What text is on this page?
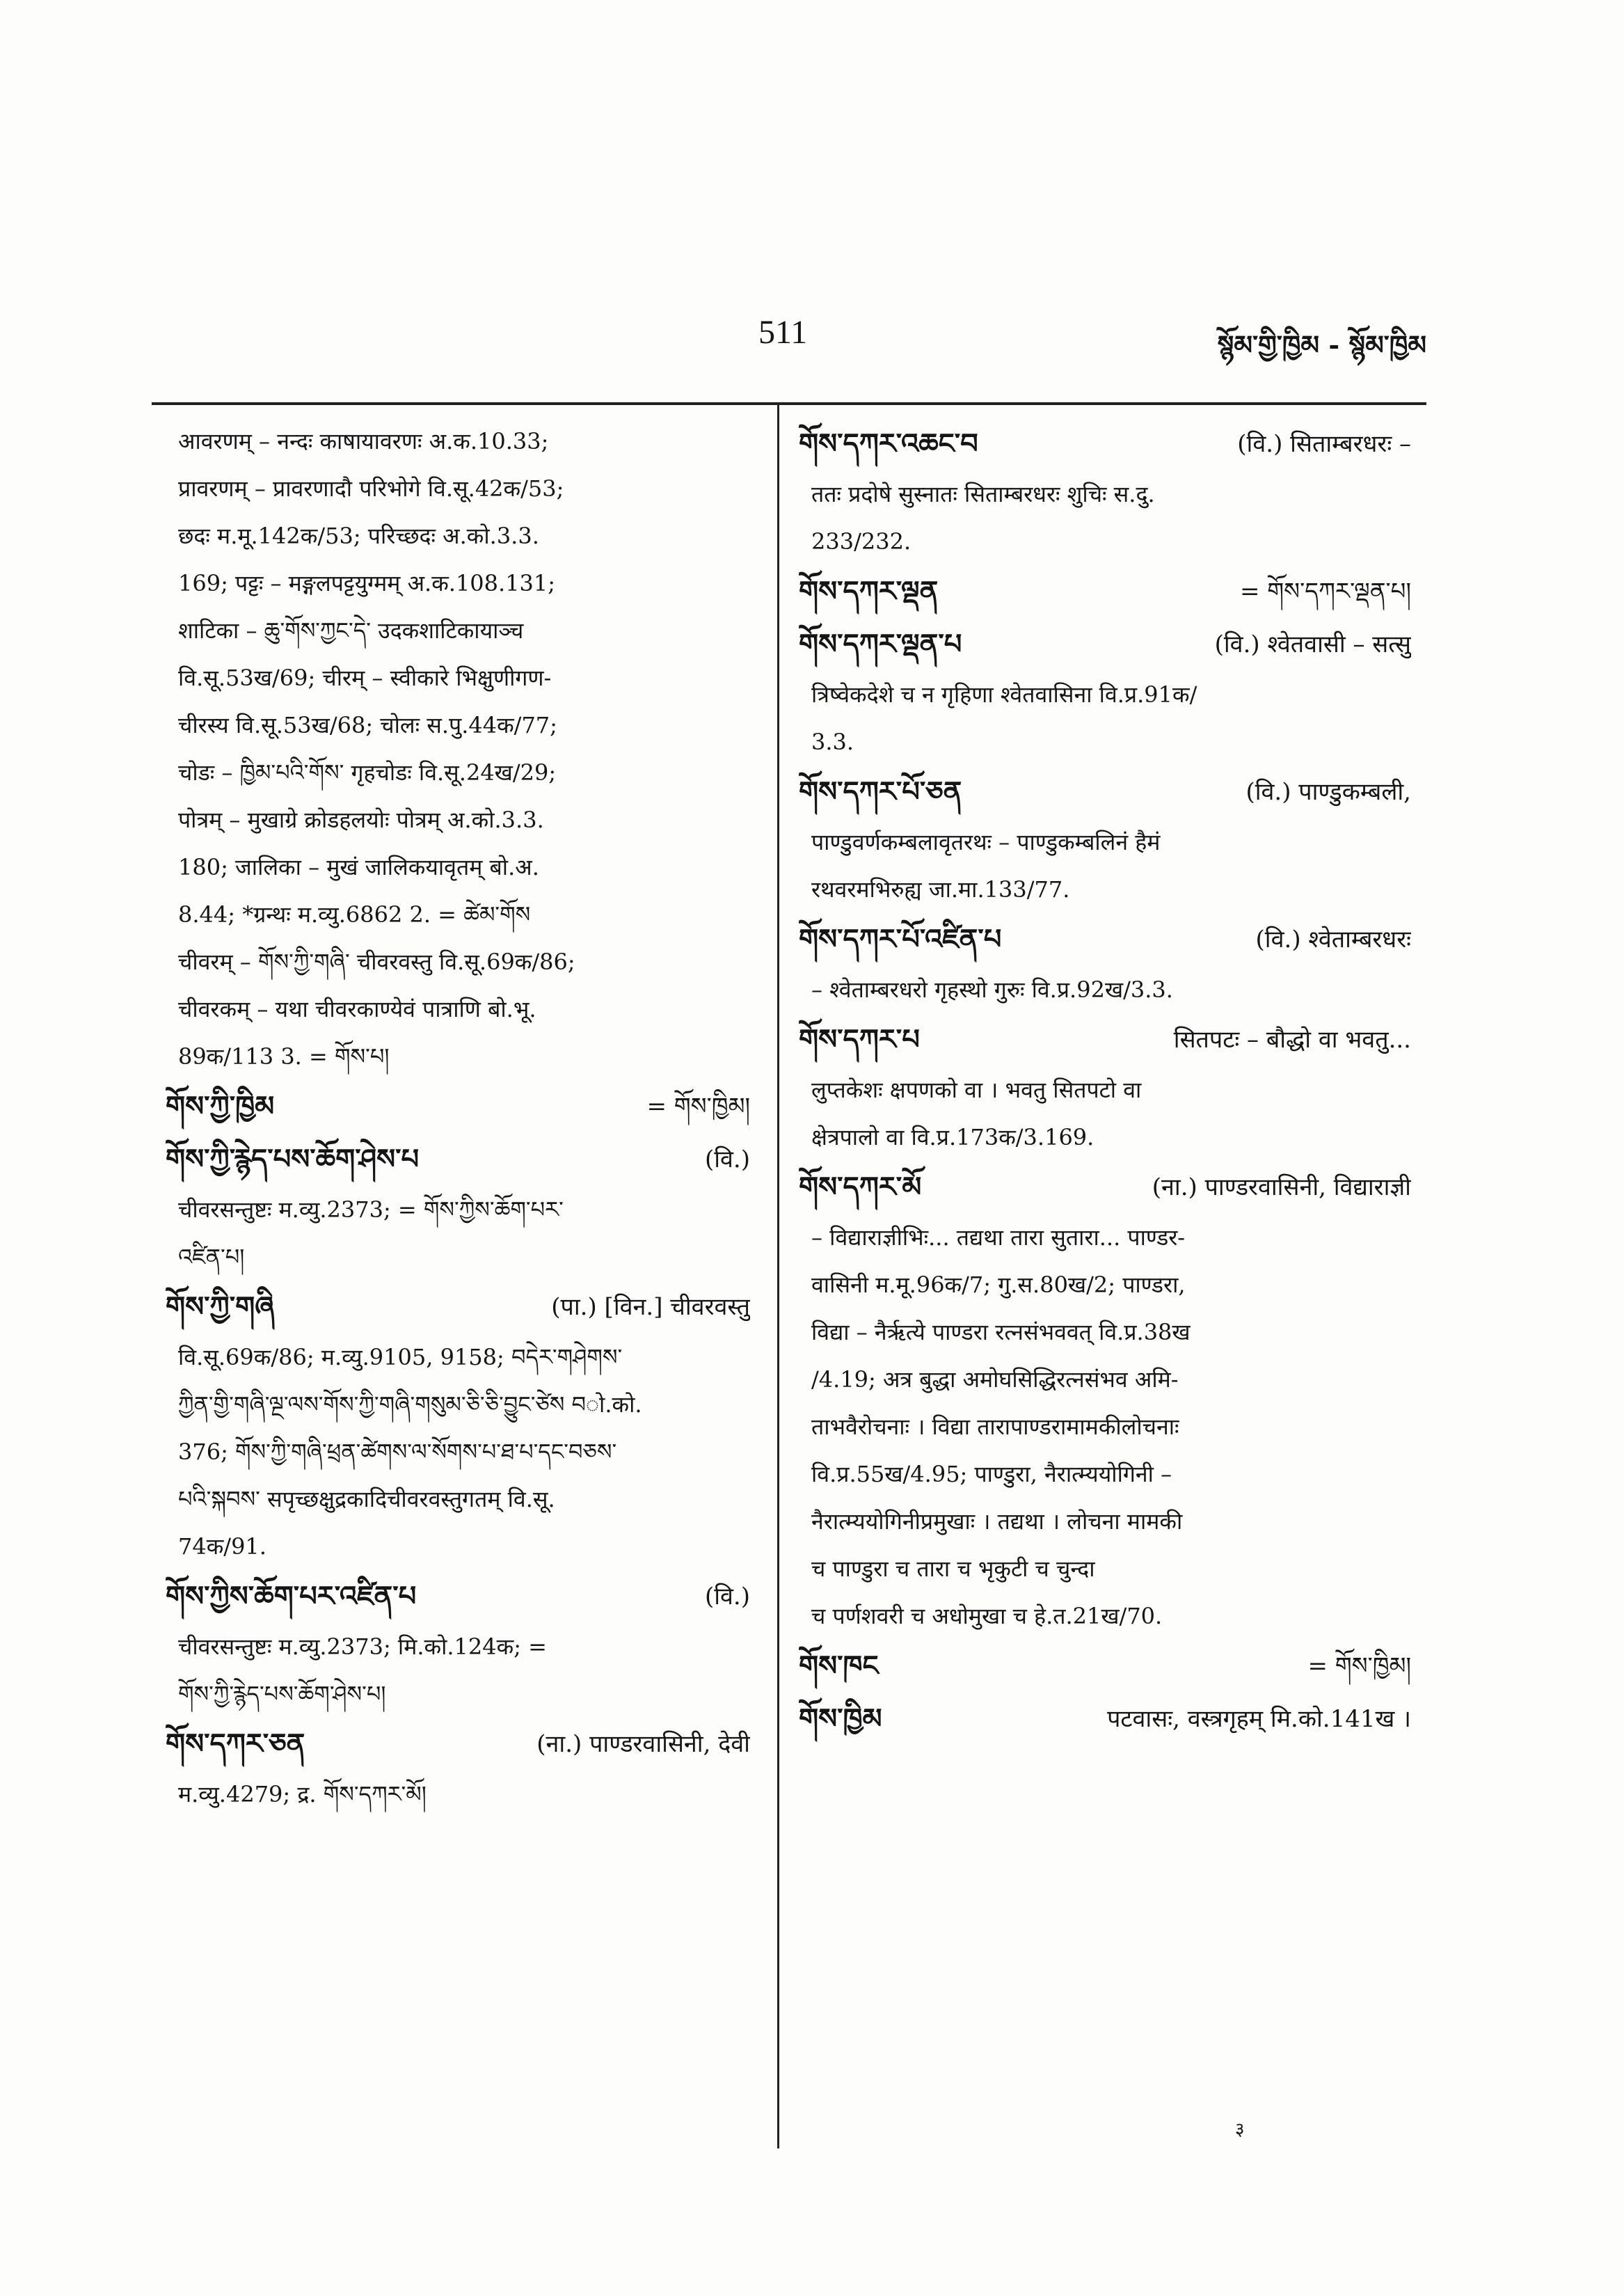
511	སྙོམ་གྱི་ཁྱིམ - སྙོམ་ཁྱིམ
आवरणम् – नन्दः काषायावरणः अ.क.10.33;
प्रावरणम् – प्रावरणादौ परिभोगे वि.सू.42क/53;
छदः म.मू.142क/53; परिच्छदः अ.को.3.3.
169; पट्टः – मङ्गलपट्टयुग्मम् अ.क.108.131;
शाटिका – ཆུ་གོས་ཀྱང་དེ་ उदकशाटिकायाञ्च
वि.सू.53ख/69; चीरम् – स्वीकारे भिक्षुणीगण-
चीरस्य वि.सू.53ख/68; चोलः स.पु.44क/77;
चोडः – ཁྱིམ་པའི་གོས་ गृहचोडः वि.सू.24ख/29;
पोत्रम् – मुखाग्रे क्रोडहलयोः पोत्रम् अ.को.3.3.
180; जालिका – मुखं जालिकयावृतम् बो.अ.
8.44; *ग्रन्थः म.व्यु.6862 2. = ཚེམ་གོས
चीवरम् – གོས་ཀྱི་གཞི་ चीवरवस्तु वि.सू.69क/86;
चीवरकम् – यथा चीवरकाण्येवं पात्राणि बो.भू.
89क/113 3. = གོས་པ།
གོས་ཀྱི་ཁྱིམ	= གོས་ཁྱིམ།
གོས་ཀྱི་རྙེད་པས་ཆོག་ཤེས་པ	(वि.)
चीवरसन्तुष्टः म.व्यु.2373; = གོས་ཀྱིས་ཆོག་པར་
འཛིན་པ།
གོས་ཀྱི་གཞི	(पा.) [विन.] चीवरवस्तु
वि.सू.69क/86; म.व्यु.9105, 9158; བདེར་གཤེགས་
ཀྱིན་གྱི་གཞི་ལྔ་ལས་གོས་ཀྱི་གཞི་གསུམ་ཅི་ཅི་བྱུང་ཙེས བो.को.
376; གོས་ཀྱི་གཞི་ཕྲན་ཚེགས་ལ་སོགས་པ་ཐ་པ་དང་བཅས་
པའི་སྐབས་ सपृच्छक्षुद्रकादिचीवरवस्तुगतम् वि.सू.
74क/91.
གོས་ཀྱིས་ཆོག་པར་འཛིན་པ	(वि.)
चीवरसन्तुष्टः म.व्यु.2373; मि.को.124क; =
གོས་ཀྱི་རྙེད་པས་ཆོག་ཤེས་པ།
གོས་དཀར་ཅན	(ना.) पाण्डरवासिनी, देवी
म.व्यु.4279; द्र. གོས་དཀར་མོ།
གོས་དཀར་འཆང་བ	(वि.) सिताम्बरधरः –
ततः प्रदोषे सुस्नातः सिताम्बरधरः शुचिः स.दु.
233/232.
གོས་དཀར་ལྡན	= གོས་དཀར་ལྡན་པ།
གོས་དཀར་ལྡན་པ	(वि.) श्वेतवासी – सत्सु
त्रिष्वेकदेशे च न गृहिणा श्वेतवासिना वि.प्र.91क/
3.3.
གོས་དཀར་པོ་ཅན	(वि.) पाण्डुकम्बली,
पाण्डुवर्णकम्बलावृतरथः – पाण्डुकम्बलिनं हैमं
रथवरमभिरुह्य जा.मा.133/77.
གོས་དཀར་པོ་འཛིན་པ	(वि.) श्वेताम्बरधरः
– श्वेताम्बरधरो गृहस्थो गुरुः वि.प्र.92ख/3.3.
གོས་དཀར་པ	सितपटः – बौद्धो वा भवतु...
लुप्तकेशः क्षपणको वा । भवतु सितपटो वा
क्षेत्रपालो वा वि.प्र.173क/3.169.
གོས་དཀར་མོ	(ना.) पाण्डरवासिनी, विद्याराज्ञी
– विद्याराज्ञीभिः... तद्यथा तारा सुतारा... पाण्डर-
वासिनी म.मू.96क/7; गु.स.80ख/2; पाण्डरा,
विद्या – नैर्ऋत्ये पाण्डरा रत्नसंभववत् वि.प्र.38ख
/4.19; अत्र बुद्धा अमोघसिद्धिरत्नसंभव अमि-
ताभवैरोचनाः । विद्या तारापाण्डरामामकीलोचनाः
वि.प्र.55ख/4.95; पाण्डुरा, नैरात्म्ययोगिनी –
नैरात्म्ययोगिनीप्रमुखाः । तद्यथा । लोचना मामकी
च पाण्डुरा च तारा च भृकुटी च चुन्दा
च पर्णशवरी च अधोमुखा च हे.त.21ख/70.
གོས་ཁང	= གོས་ཁྱིམ།
གོས་ཁྱིམ	पटवासः, वस्त्रगृहम् मि.को.141ख ।
३
